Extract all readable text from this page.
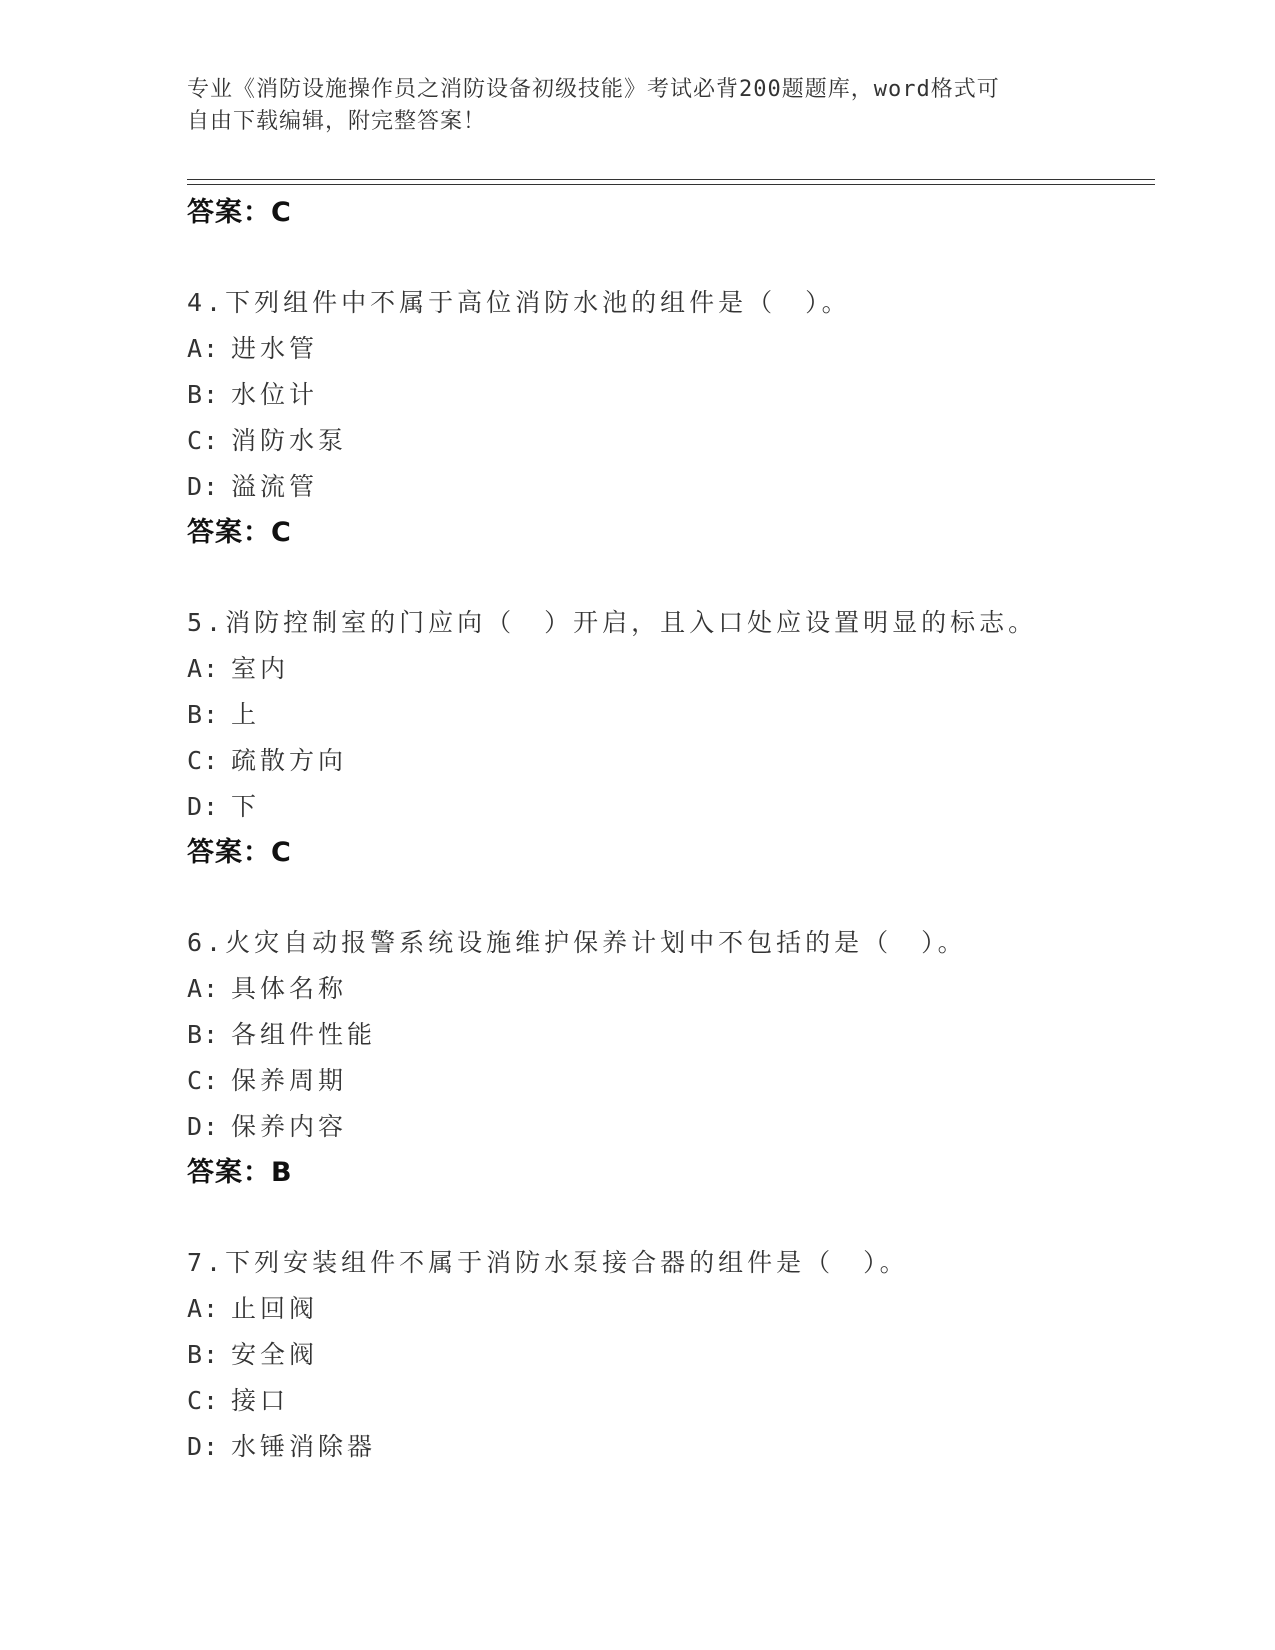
专业《消防设施操作员之消防设备初级技能》考试必背200题题库，word格式可
自由下载编辑，附完整答案！
答案：C
4.下列组件中不属于高位消防水池的组件是（　）。
A: 进水管
B: 水位计
C: 消防水泵
D: 溢流管
答案：C
5.消防控制室的门应向（　）开启，且入口处应设置明显的标志。
A: 室内
B: 上
C: 疏散方向
D: 下
答案：C
6.火灾自动报警系统设施维护保养计划中不包括的是（　）。
A: 具体名称
B: 各组件性能
C: 保养周期
D: 保养内容
答案：B
7.下列安装组件不属于消防水泵接合器的组件是（　）。
A: 止回阀
B: 安全阀
C: 接口
D: 水锤消除器
